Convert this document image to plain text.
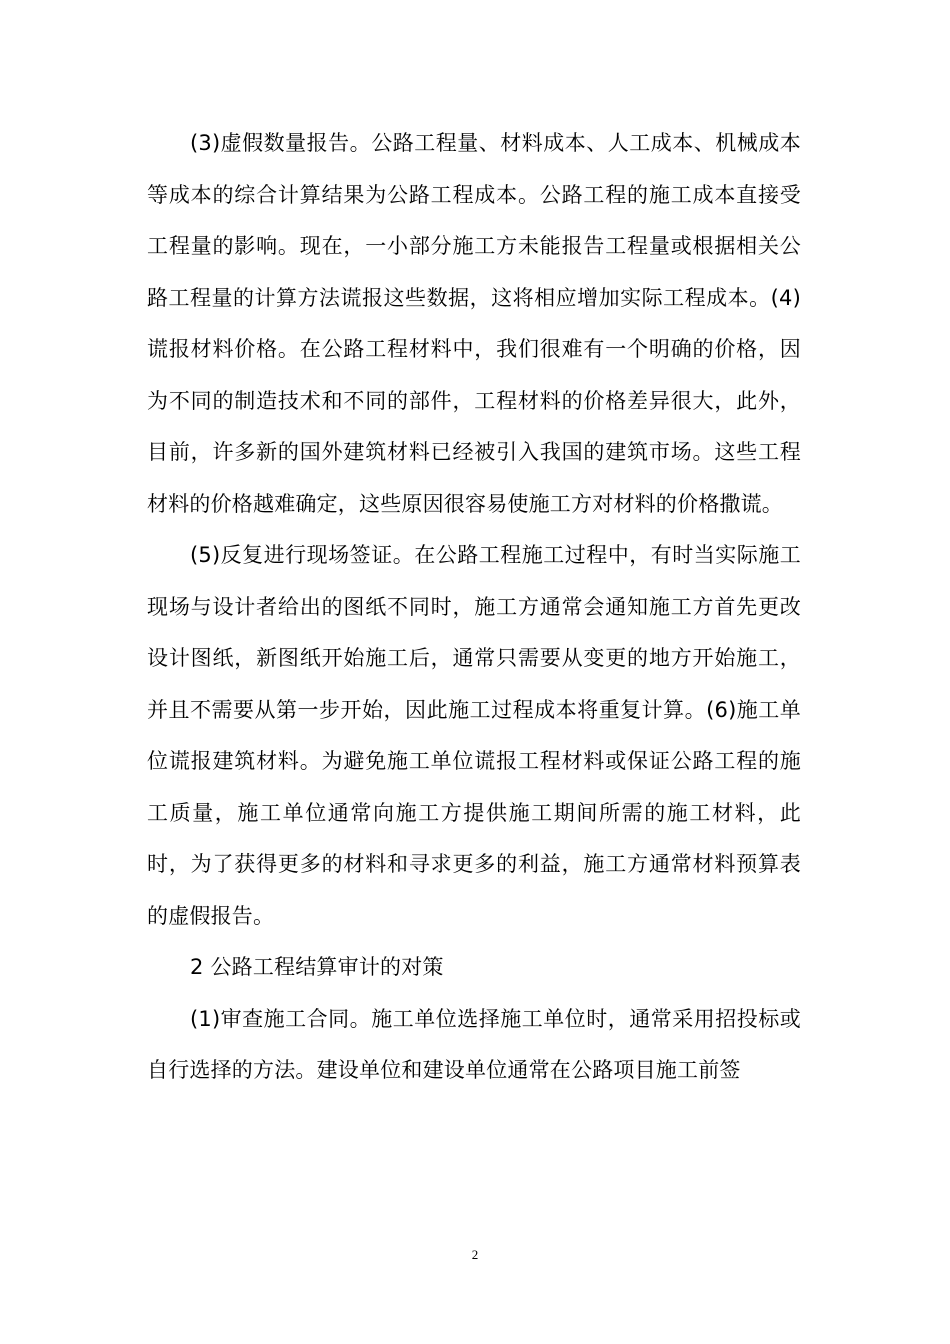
(3)虚假数量报告。公路工程量、材料成本、人工成本、机械成本等成本的综合计算结果为公路工程成本。公路工程的施工成本直接受工程量的影响。现在，一小部分施工方未能报告工程量或根据相关公路工程量的计算方法谎报这些数据，这将相应增加实际工程成本。(4)谎报材料价格。在公路工程材料中，我们很难有一个明确的价格，因为不同的制造技术和不同的部件，工程材料的价格差异很大，此外，目前，许多新的国外建筑材料已经被引入我国的建筑市场。这些工程材料的价格越难确定，这些原因很容易使施工方对材料的价格撒谎。

(5)反复进行现场签证。在公路工程施工过程中，有时当实际施工现场与设计者给出的图纸不同时，施工方通常会通知施工方首先更改设计图纸，新图纸开始施工后，通常只需要从变更的地方开始施工，并且不需要从第一步开始，因此施工过程成本将重复计算。(6)施工单位谎报建筑材料。为避免施工单位谎报工程材料或保证公路工程的施工质量，施工单位通常向施工方提供施工期间所需的施工材料，此时，为了获得更多的材料和寻求更多的利益，施工方通常材料预算表的虚假报告。

2 公路工程结算审计的对策

(1)审查施工合同。施工单位选择施工单位时，通常采用招投标或自行选择的方法。建设单位和建设单位通常在公路项目施工前签

2
